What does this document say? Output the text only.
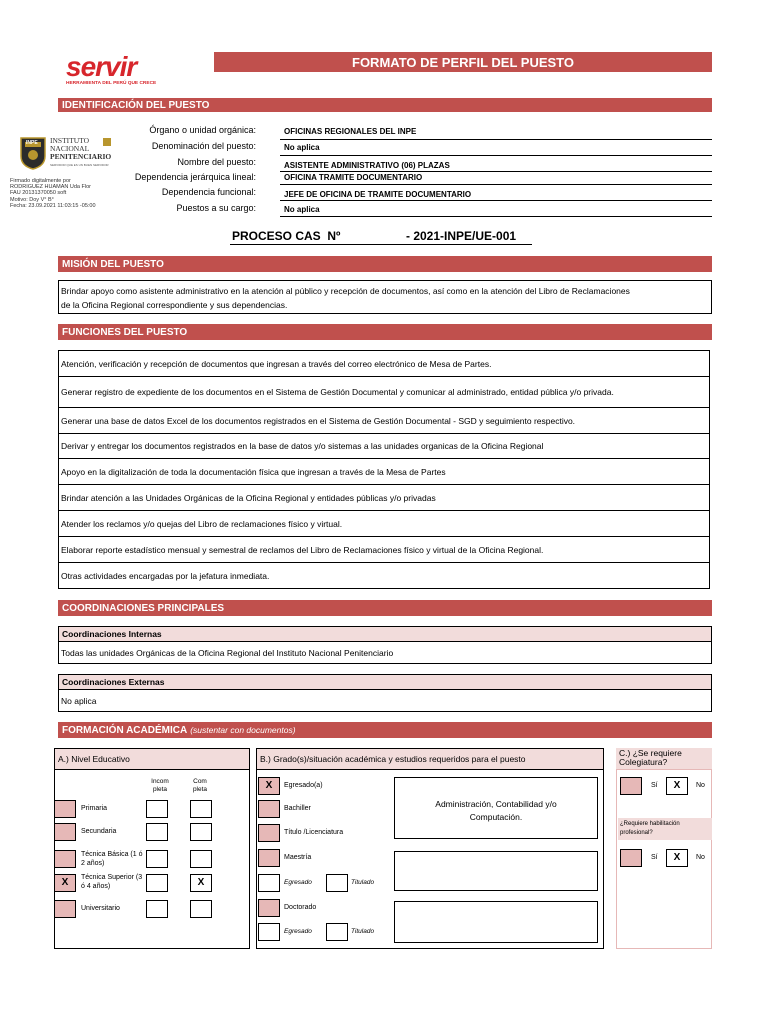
servir
HERRAMIENTA DEL PERÚ QUE CRECE
FORMATO DE PERFIL DEL PUESTO
IDENTIFICACIÓN DEL PUESTO
INPE INSTITUTO
NACIONAL
PENITENCIARIO
SERVIDOR QUE ES UN BUEN SERVIDOR
Firmado digitalmente por
RODRIGUEZ HUAMAN Uda Flor
FAU 20131370050 soft
Motivo: Doy V° B°
Fecha: 23.09.2021 11:03:15 -05:00
Órgano o unidad orgánica:	OFICINAS REGIONALES DEL INPE
Denominación del puesto:	No aplica
Nombre del puesto:	ASISTENTE ADMINISTRATIVO (06) PLAZAS
Dependencia jerárquica lineal:	OFICINA TRAMITE DOCUMENTARIO
Dependencia funcional:	JEFE DE OFICINA DE TRAMITE DOCUMENTARIO
Puestos a su cargo:	No aplica
PROCESO CAS  Nº	- 2021-INPE/UE-001
MISIÓN DEL PUESTO
Brindar apoyo como asistente administrativo en la atención al público y recepción de documentos, así como en la atención del Libro de Reclamaciones
de la Oficina Regional correspondiente y sus dependencias.
FUNCIONES DEL PUESTO
Atención, verificación y recepción de documentos que ingresan a través del correo electrónico de Mesa de Partes.
Generar registro de expediente de los documentos en el Sistema de Gestión Documental y comunicar al administrado, entidad pública y/o privada.
Generar una base de datos Excel de los documentos registrados en el Sistema de Gestión Documental - SGD y seguimiento respectivo.
Derivar y entregar los documentos registrados en la base de datos y/o sistemas a las unidades organicas de la Oficina Regional
Apoyo en la digitalización de toda la documentación física que ingresan a través de la Mesa de Partes
Brindar atención a las Unidades Orgánicas de la Oficina Regional y entidades públicas y/o privadas
Atender los reclamos y/o quejas del Libro de reclamaciones físico y virtual.
Elaborar reporte estadístico mensual y semestral de reclamos del Libro de Reclamaciones físico y virtual de la Oficina Regional.
Otras actividades encargadas por la jefatura inmediata.
COORDINACIONES PRINCIPALES
Coordinaciones Internas
Todas las unidades Orgánicas de la Oficina Regional del Instituto Nacional Penitenciario
Coordinaciones Externas
No aplica
FORMACIÓN ACADÉMICA (sustentar con documentos)
A.) Nivel Educativo
Incom
pleta
Com
pleta
Primaria
Secundaria
Técnica Básica (1 ó 2 años)
X	Técnica Superior (3 ó 4 años)	X
Universitario
B.) Grado(s)/situación académica y estudios requeridos para el puesto
X	Egresado(a)
Bachiller
Título /Licenciatura
Administración, Contabilidad y/o
Computación.
Maestría
Egresado	Titulado
Doctorado
Egresado	Titulado
C.) ¿Se requiere
Colegiatura?
Sí	X	No
¿Requiere habilitación
profesional?
Sí	X	No
